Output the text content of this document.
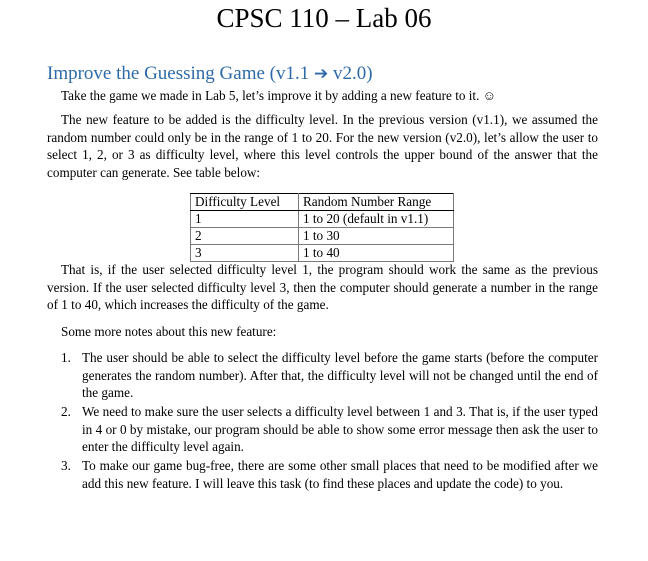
CPSC 110 – Lab 06
Improve the Guessing Game (v1.1 ➔ v2.0)

Take the game we made in Lab 5, let’s improve it by adding a new feature to it. ☺

The new feature to be added is the difficulty level. In the previous version (v1.1), we assumed the random number could only be in the range of 1 to 20. For the new version (v2.0), let’s allow the user to select 1, 2, or 3 as difficulty level, where this level controls the upper bound of the answer that the computer can generate. See table below:

Difficulty Level	Random Number Range
1	1 to 20 (default in v1.1)
2	1 to 30
3	1 to 40

That is, if the user selected difficulty level 1, the program should work the same as the previous version. If the user selected difficulty level 3, then the computer should generate a number in the range of 1 to 40, which increases the difficulty of the game.

Some more notes about this new feature:

1. The user should be able to select the difficulty level before the game starts (before the computer generates the random number). After that, the difficulty level will not be changed until the end of the game.
2. We need to make sure the user selects a difficulty level between 1 and 3. That is, if the user typed in 4 or 0 by mistake, our program should be able to show some error message then ask the user to enter the difficulty level again.
3. To make our game bug-free, there are some other small places that need to be modified after we add this new feature. I will leave this task (to find these places and update the code) to you.
